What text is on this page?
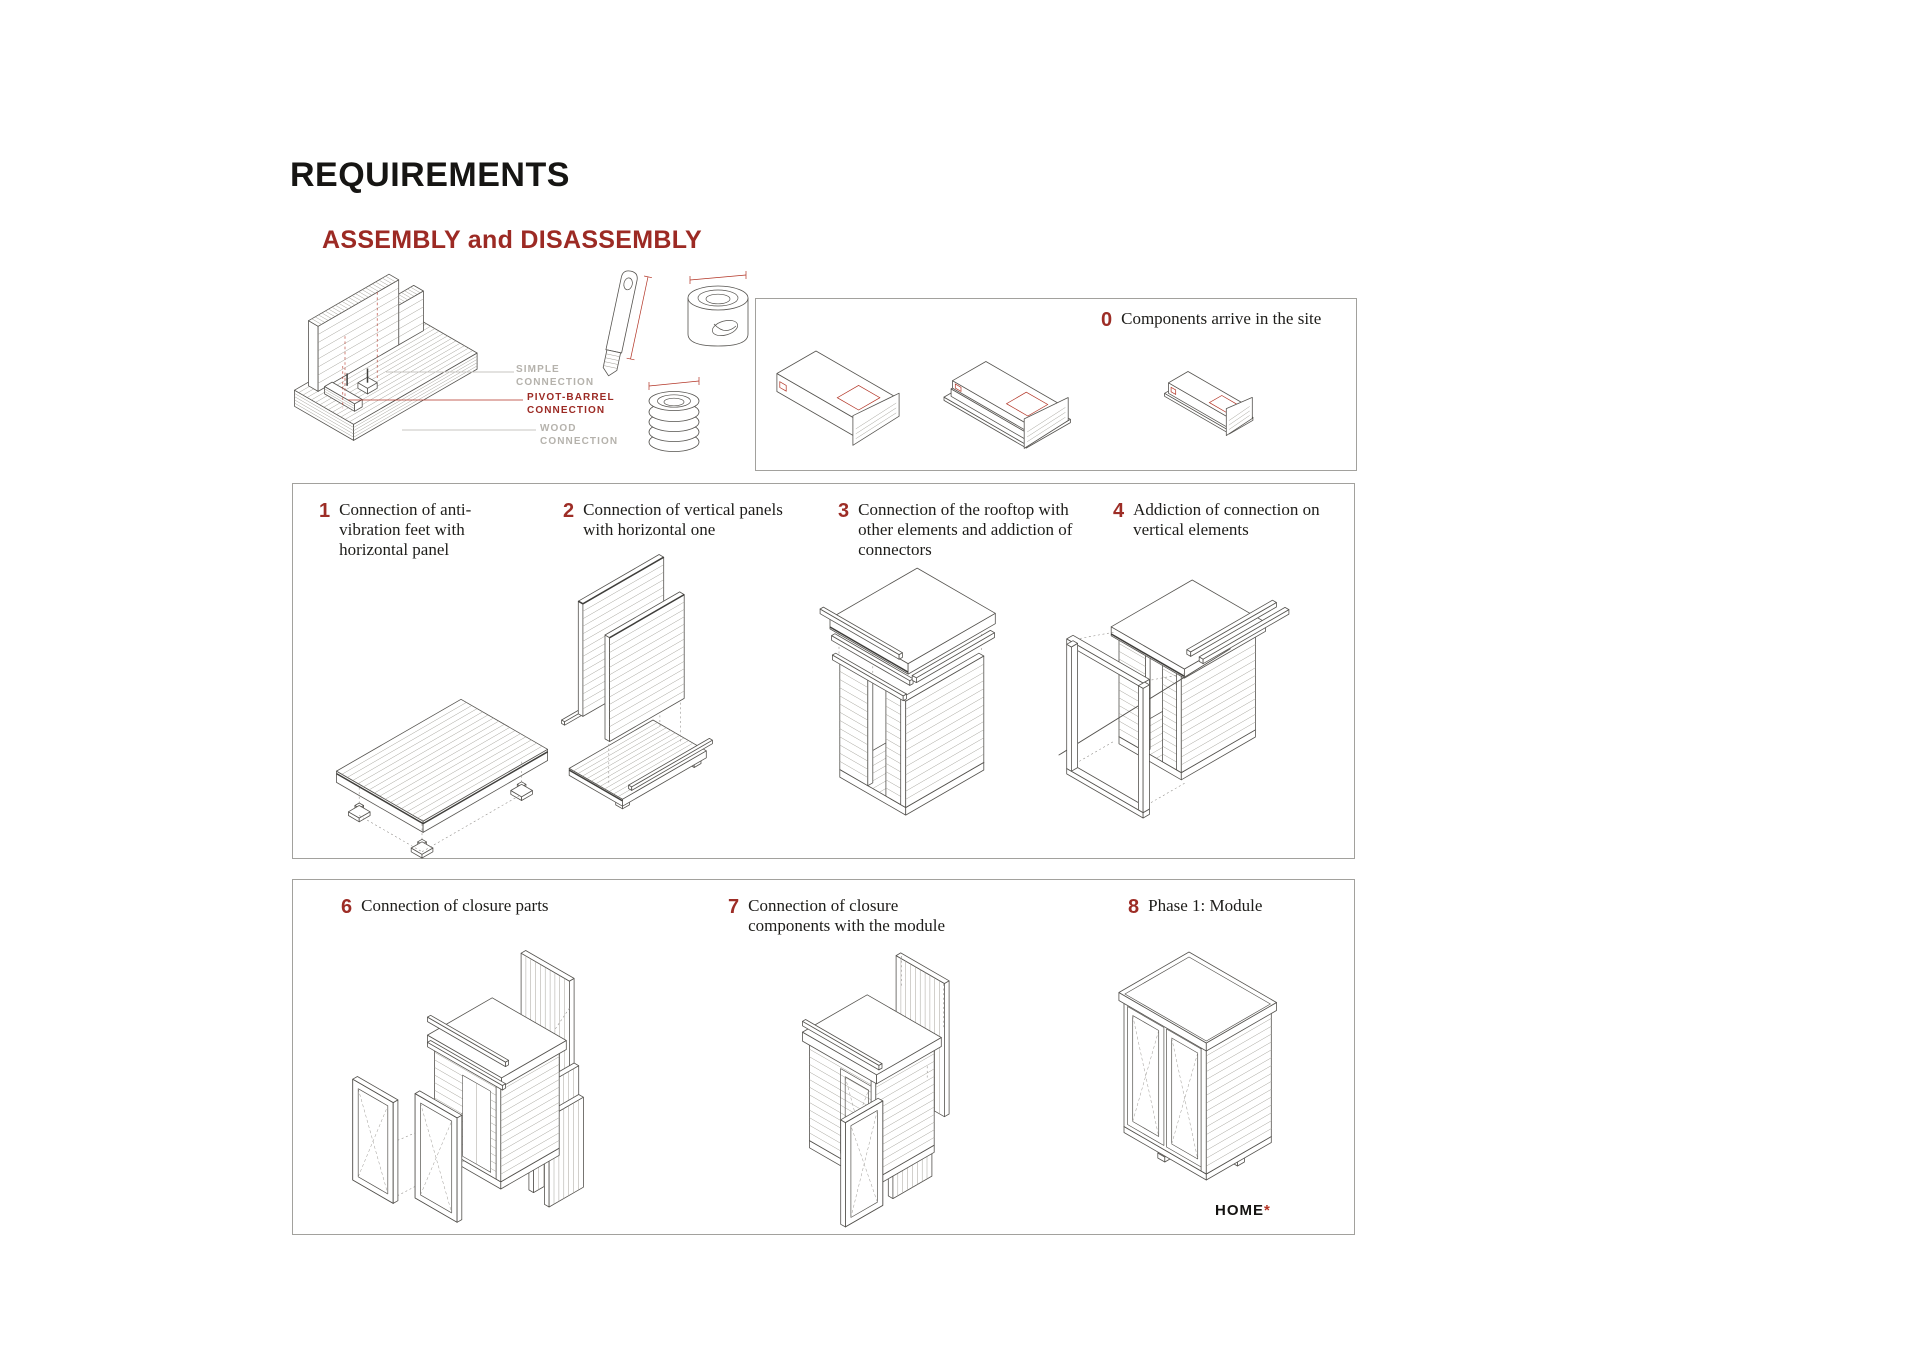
REQUIREMENTS
ASSEMBLY and DISASSEMBLY
SIMPLE
CONNECTION
PIVOT-BARREL
CONNECTION
WOOD
CONNECTION
0 Components arrive in the site
1 Connection of anti-vibration feet with horizontal panel
2 Connection of vertical panels with horizontal one
3 Connection of the rooftop with other elements and addiction of connectors
4 Addiction of connection on vertical elements
6 Connection of closure parts	7 Connection of closure components with the module
8 Phase 1: Module
HOME*
